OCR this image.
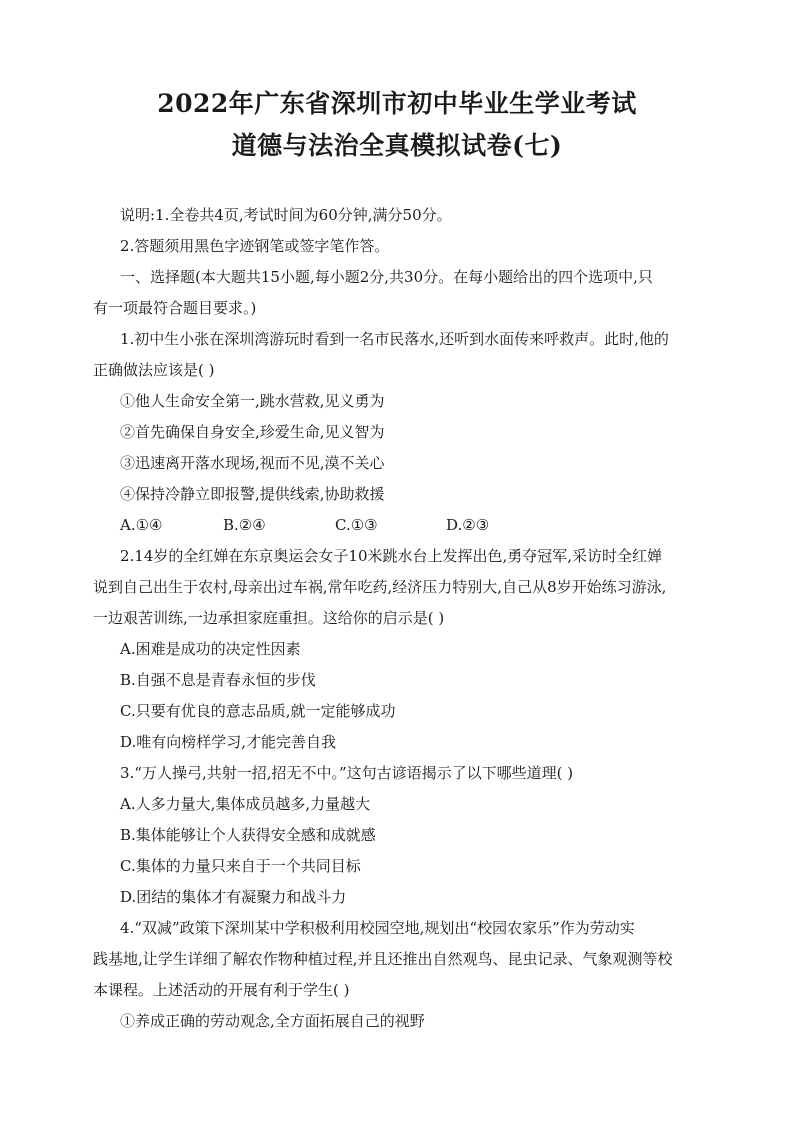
2022年广东省深圳市初中毕业生学业考试
道德与法治全真模拟试卷(七)

说明:1.全卷共4页,考试时间为60分钟,满分50分。

2.答题须用黑色字迹钢笔或签字笔作答。

一、选择题(本大题共15小题,每小题2分,共30分。在每小题给出的四个选项中,只

有一项最符合题目要求。)

1.初中生小张在深圳湾游玩时看到一名市民落水,还听到水面传来呼救声。此时,他的

正确做法应该是( )

①他人生命安全第一,跳水营救,见义勇为

②首先确保自身安全,珍爱生命,见义智为

③迅速离开落水现场,视而不见,漠不关心

④保持冷静立即报警,提供线索,协助救援

A.①④	B.②④	C.①③	D.②③

2.14岁的全红婵在东京奥运会女子10米跳水台上发挥出色,勇夺冠军,采访时全红婵

说到自己出生于农村,母亲出过车祸,常年吃药,经济压力特别大,自己从8岁开始练习游泳,

一边艰苦训练,一边承担家庭重担。这给你的启示是( )

A.困难是成功的决定性因素

B.自强不息是青春永恒的步伐

C.只要有优良的意志品质,就一定能够成功

D.唯有向榜样学习,才能完善自我

3.“万人操弓,共射一招,招无不中。”这句古谚语揭示了以下哪些道理( )

A.人多力量大,集体成员越多,力量越大

B.集体能够让个人获得安全感和成就感

C.集体的力量只来自于一个共同目标

D.团结的集体才有凝聚力和战斗力

4.“双减”政策下深圳某中学积极利用校园空地,规划出“校园农家乐”作为劳动实

践基地,让学生详细了解农作物种植过程,并且还推出自然观鸟、昆虫记录、气象观测等校

本课程。上述活动的开展有利于学生( )

①养成正确的劳动观念,全方面拓展自己的视野
